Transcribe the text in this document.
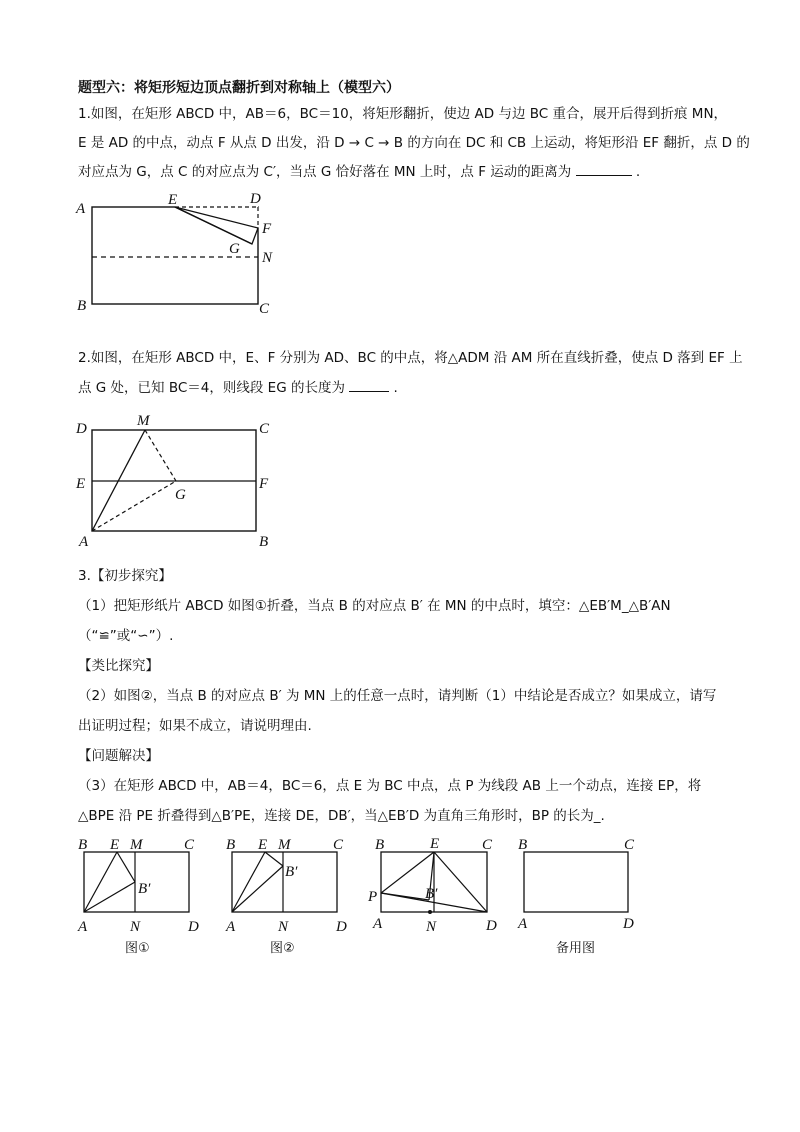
题型六：将矩形短边顶点翻折到对称轴上（模型六）
1.如图，在矩形 ABCD 中，AB＝6，BC＝10，将矩形翻折，使边 AD 与边 BC 重合，展开后得到折痕 MN，
E 是 AD 的中点，动点 F 从点 D 出发，沿 D → C → B 的方向在 DC 和 CB 上运动，将矩形沿 EF 翻折，点 D 的
对应点为 G，点 C 的对应点为 C′，当点 G 恰好落在 MN 上时，点 F 运动的距离为	.
A
E	D
F
G
N
B	C
2.如图，在矩形 ABCD 中，E、F 分别为 AD、BC 的中点，将△ADM 沿 AM 所在直线折叠，使点 D 落到 EF 上
点 G 处，已知 BC＝4，则线段 EG 的长度为	.
D	M	C
E
G
F
A	B
3.【初步探究】
（1）把矩形纸片 ABCD 如图①折叠，当点 B 的对应点 B′ 在 MN 的中点时，填空：△EB′M_△B′AN
（“≌”或“∽”）.
【类比探究】
（2）如图②，当点 B 的对应点 B′ 为 MN 上的任意一点时，请判断（1）中结论是否成立？如果成立，请写
出证明过程；如果不成立，请说明理由.
【问题解决】
（3）在矩形 ABCD 中，AB＝4，BC＝6，点 E 为 BC 中点，点 P 为线段 AB 上一个动点，连接 EP，将
△BPE 沿 PE 折叠得到△B′PE，连接 DE，DB′，当△EB′D 为直角三角形时，BP 的长为_.
B E M	C
B′
A	N	D
图①
B E M	C
B′
A	N	D
图②
B	E	C
P	B′
A	N	D
B	C
A	D
备用图
